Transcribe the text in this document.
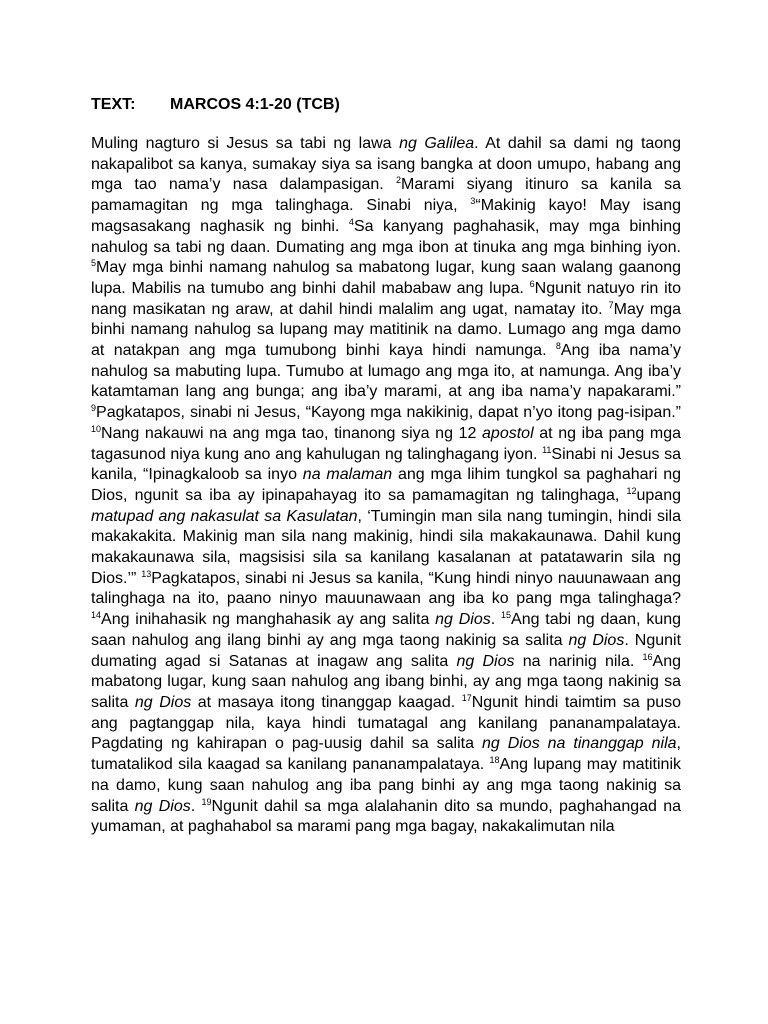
TEXT: MARCOS 4:1-20 (TCB)

Muling nagturo si Jesus sa tabi ng lawa ng Galilea. At dahil sa dami ng taong nakapalibot sa kanya, sumakay siya sa isang bangka at doon umupo, habang ang mga tao nama’y nasa dalampasigan. $^2$Marami siyang itinuro sa kanila sa pamamagitan ng mga talinghaga. Sinabi niya, $^3$“Makinig kayo! May isang magsasakang naghasik ng binhi. $^4$Sa kanyang paghahasik, may mga binhing nahulog sa tabi ng daan. Dumating ang mga ibon at tinuka ang mga binhing iyon. $^5$May mga binhi namang nahulog sa mabatong lugar, kung saan walang gaanong lupa. Mabilis na tumubo ang binhi dahil mababaw ang lupa. $^6$Ngunit natuyo rin ito nang masikatan ng araw, at dahil hindi malalim ang ugat, namatay ito. $^7$May mga binhi namang nahulog sa lupang may matitinik na damo. Lumago ang mga damo at natakpan ang mga tumubong binhi kaya hindi namunga. $^8$Ang iba nama’y nahulog sa mabuting lupa. Tumubo at lumago ang mga ito, at namunga. Ang iba’y katamtaman lang ang bunga; ang iba’y marami, at ang iba nama’y napakarami.” $^9$Pagkatapos, sinabi ni Jesus, “Kayong mga nakikinig, dapat n’yo itong pag-isipan.” $^{10}$Nang nakauwi na ang mga tao, tinanong siya ng 12 apostol at ng iba pang mga tagasunod niya kung ano ang kahulugan ng talinghagang iyon. $^{11}$Sinabi ni Jesus sa kanila, “Ipinagkaloob sa inyo na malaman ang mga lihim tungkol sa paghahari ng Dios, ngunit sa iba ay ipinapahayag ito sa pamamagitan ng talinghaga, $^{12}$upang matupad ang nakasulat sa Kasulatan, ‘Tumingin man sila nang tumingin, hindi sila makakakita. Makinig man sila nang makinig, hindi sila makakaunawa. Dahil kung makakaunawa sila, magsisisi sila sa kanilang kasalanan at patatawarin sila ng Dios.’” $^{13}$Pagkatapos, sinabi ni Jesus sa kanila, “Kung hindi ninyo nauunawaan ang talinghaga na ito, paano ninyo mauunawaan ang iba ko pang mga talinghaga? $^{14}$Ang inihahasik ng manghahasik ay ang salita ng Dios. $^{15}$Ang tabi ng daan, kung saan nahulog ang ilang binhi ay ang mga taong nakinig sa salita ng Dios. Ngunit dumating agad si Satanas at inagaw ang salita ng Dios na narinig nila. $^{16}$Ang mabatong lugar, kung saan nahulog ang ibang binhi, ay ang mga taong nakinig sa salita ng Dios at masaya itong tinanggap kaagad. $^{17}$Ngunit hindi taimtim sa puso ang pagtanggap nila, kaya hindi tumatagal ang kanilang pananampalataya. Pagdating ng kahirapan o pag-uusig dahil sa salita ng Dios na tinanggap nila, tumatalikod sila kaagad sa kanilang pananampalataya. $^{18}$Ang lupang may matitinik na damo, kung saan nahulog ang iba pang binhi ay ang mga taong nakinig sa salita ng Dios. $^{19}$Ngunit dahil sa mga alalahanin dito sa mundo, paghahangad na yumaman, at paghahabol sa marami pang mga bagay, nakakalimutan nila
